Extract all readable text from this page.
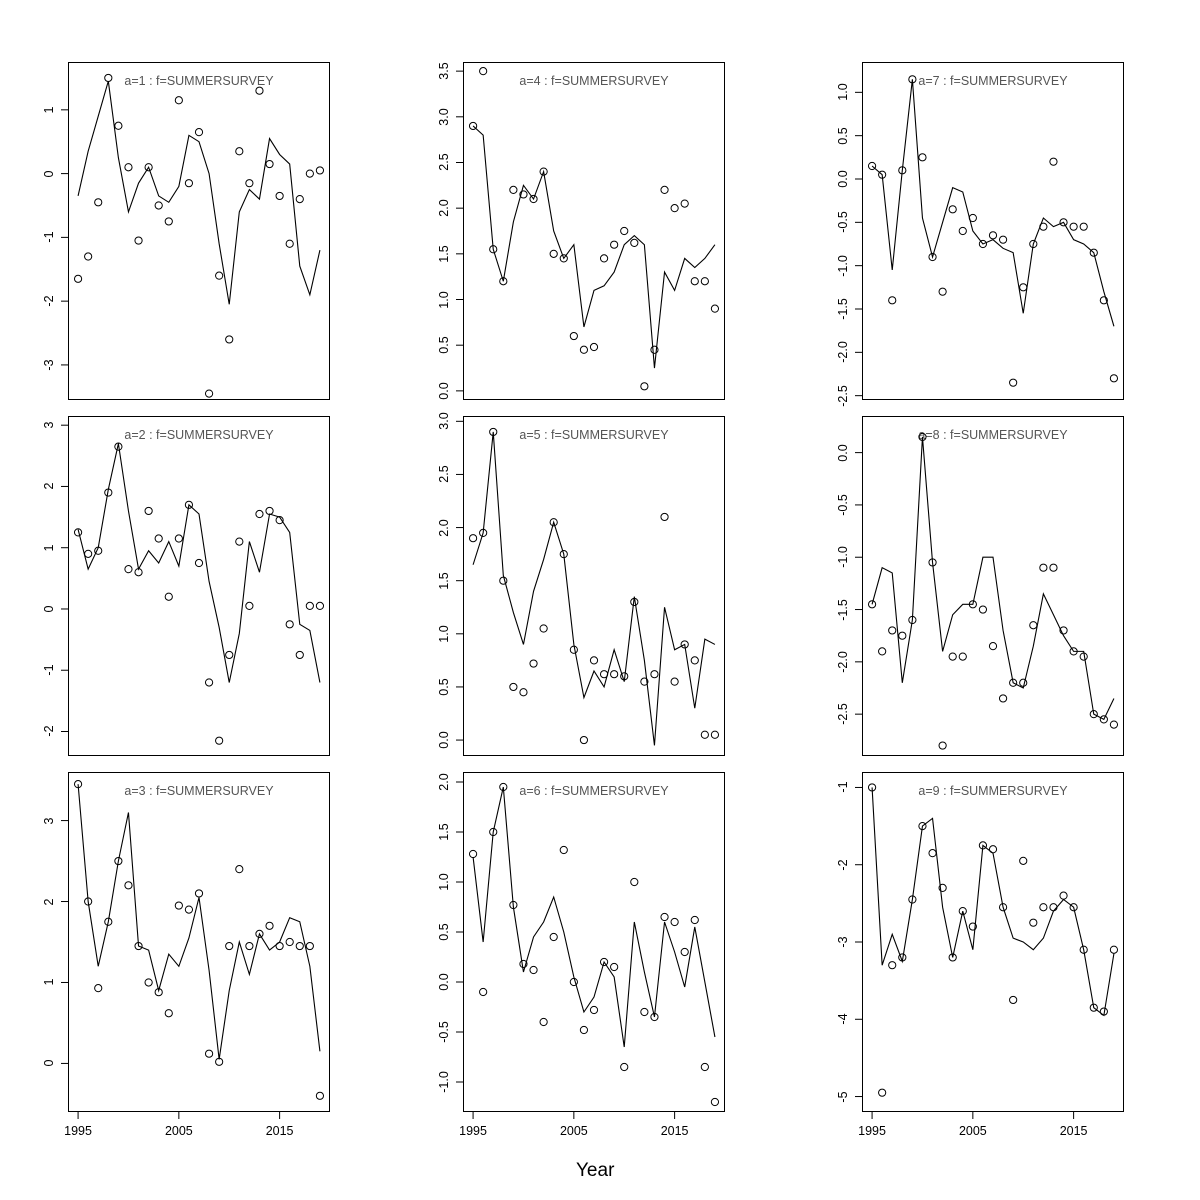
a=1 : f=SUMMERSURVEY
-3
-2
-1
0
1
a=2 : f=SUMMERSURVEY
-2
-1
0
1
2
3
a=3 : f=SUMMERSURVEY
0
1
2
3
1995	2005	2015
a=4 : f=SUMMERSURVEY
0.0
0.5
1.0
1.5
2.0
2.5
3.0
3.5
a=5 : f=SUMMERSURVEY
0.0
0.5
1.0
1.5
2.0
2.5
3.0
a=6 : f=SUMMERSURVEY
-1.0
-0.5
0.0
0.5
1.0
1.5
2.0
1995	2005	2015
a=7 : f=SUMMERSURVEY
-2.5
-2.0
-1.5
-1.0
-0.5
0.0
0.5
1.0
a=8 : f=SUMMERSURVEY
-2.5
-2.0
-1.5
-1.0
-0.5
0.0
a=9 : f=SUMMERSURVEY
-5
-4
-3
-2
-1
1995	2005	2015
Year
